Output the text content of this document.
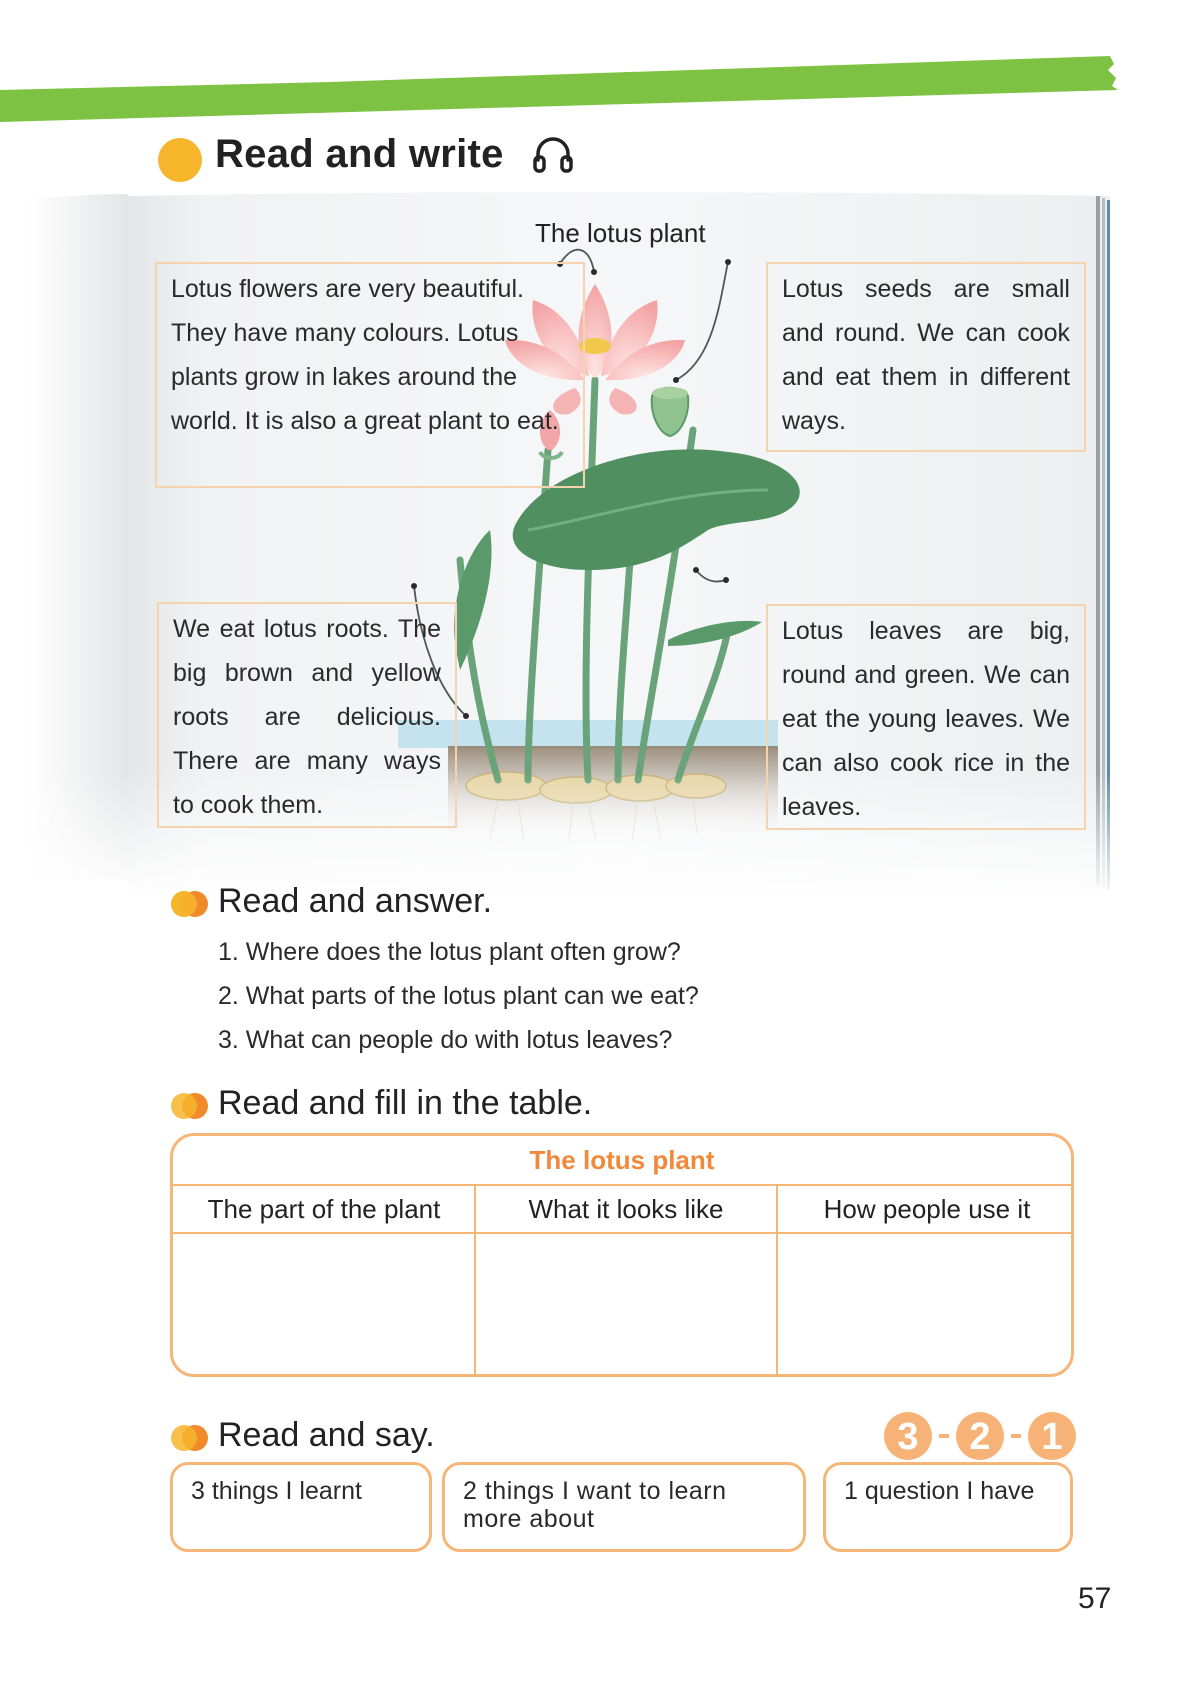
Read and write
The lotus plant
Lotus flowers are very beautiful. They have many colours. Lotus plants grow in lakes around the world. It is also a great plant to eat.
Lotus seeds are small and round. We can cook and eat them in different ways.
We eat lotus roots. The big brown and yellow roots are delicious. There are many ways to cook them.
Lotus leaves are big, round and green. We can eat the young leaves. We can also cook rice in the leaves.
Read and answer.
1. Where does the lotus plant often grow?
2. What parts of the lotus plant can we eat?
3. What can people do with lotus leaves?
Read and fill in the table.
The lotus plant
The part of the plant	What it looks like	How people use it
Read and say.	3 2 1
3 things I learnt	2 things I want to learn more about
1 question I have
57
